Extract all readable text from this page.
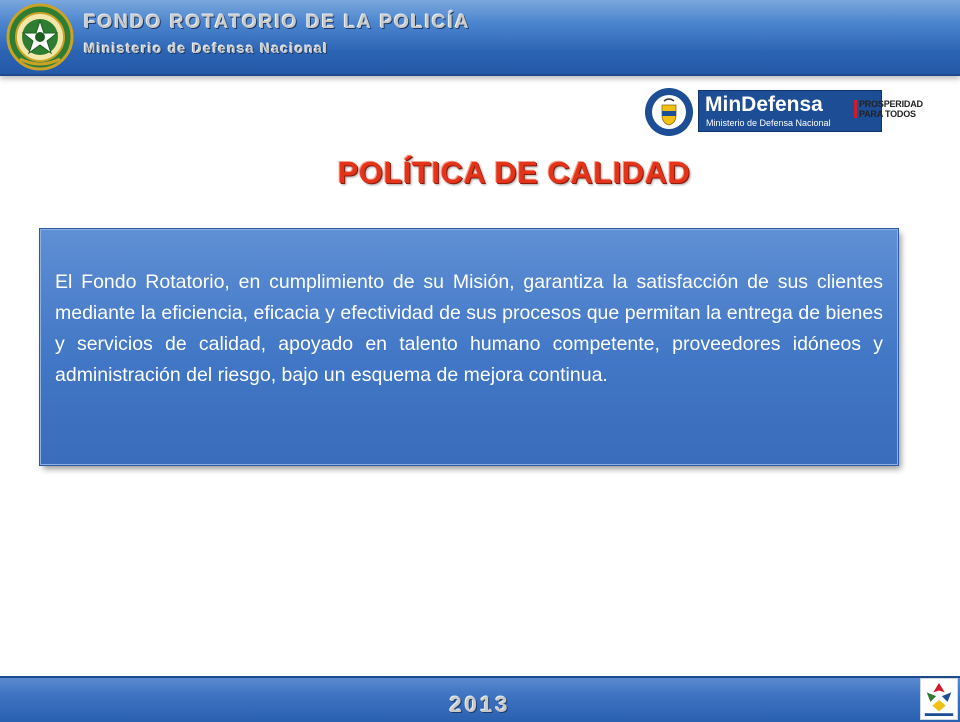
FONDO ROTATORIO DE LA POLICÍA
Ministerio de Defensa Nacional
MinDefensa
Ministerio de Defensa Nacional
PROSPERIDAD
PARA TODOS
POLÍTICA DE CALIDAD
El Fondo Rotatorio, en cumplimiento de su Misión, garantiza la satisfacción de sus clientes mediante la eficiencia, eficacia y efectividad de sus procesos que permitan la entrega de bienes y servicios de calidad, apoyado en talento humano competente, proveedores idóneos y administración del riesgo, bajo un esquema de mejora continua.
2013
